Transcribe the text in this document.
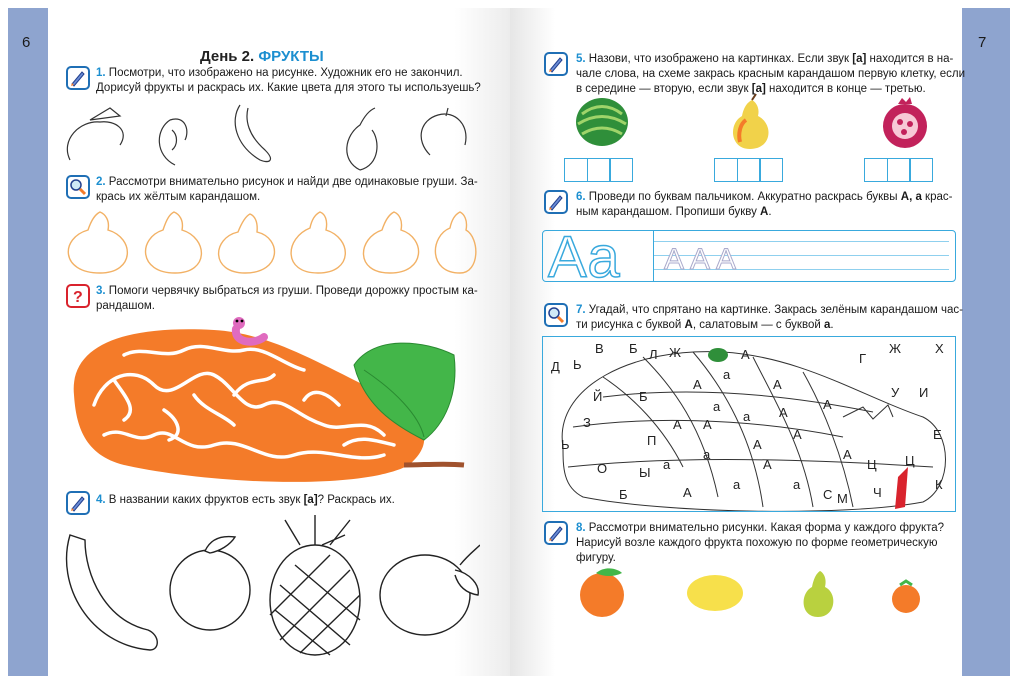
6	7
День 2. ФРУКТЫ
1. Посмотри, что изображено на рисунке. Художник его не закончил.
Дорисуй фрукты и раскрась их. Какие цвета для этого ты используешь?
2. Рассмотри внимательно рисунок и найди две одинаковые груши. За-
крась их жёлтым карандашом.
? 3. Помоги червячку выбраться из груши. Проведи дорожку простым ка-
рандашом.
4. В названии каких фруктов есть звук [а]? Раскрась их.
5. Назови, что изображено на картинках. Если звук [а] находится в на-
чале слова, на схеме закрась красным карандашом первую клетку, если
в середине — вторую, если звук [а] находится в конце — третью.
6. Проведи по буквам пальчиком. Аккуратно раскрась буквы А, а крас-
ным карандашом. Пропиши букву А.
Аа А А А
7. Угадай, что спрятано на картинке. Закрась зелёным карандашом час-
ти рисунка с буквой А, салатовым — с буквой а.
В Б
Д Ь
Й	Б
А	Г
Ж	Х
У И
Ы
Ц
Е
О
Ц
Ч
К
Б	М
Ь
З
Ж
Л
П
С
А
а
А
а
А
А
а
А
а
А
а
А
А
а
А
а
А
А
8. Рассмотри внимательно рисунки. Какая форма у каждого фрукта?
Нарисуй возле каждого фрукта похожую по форме геометрическую
фигуру.
